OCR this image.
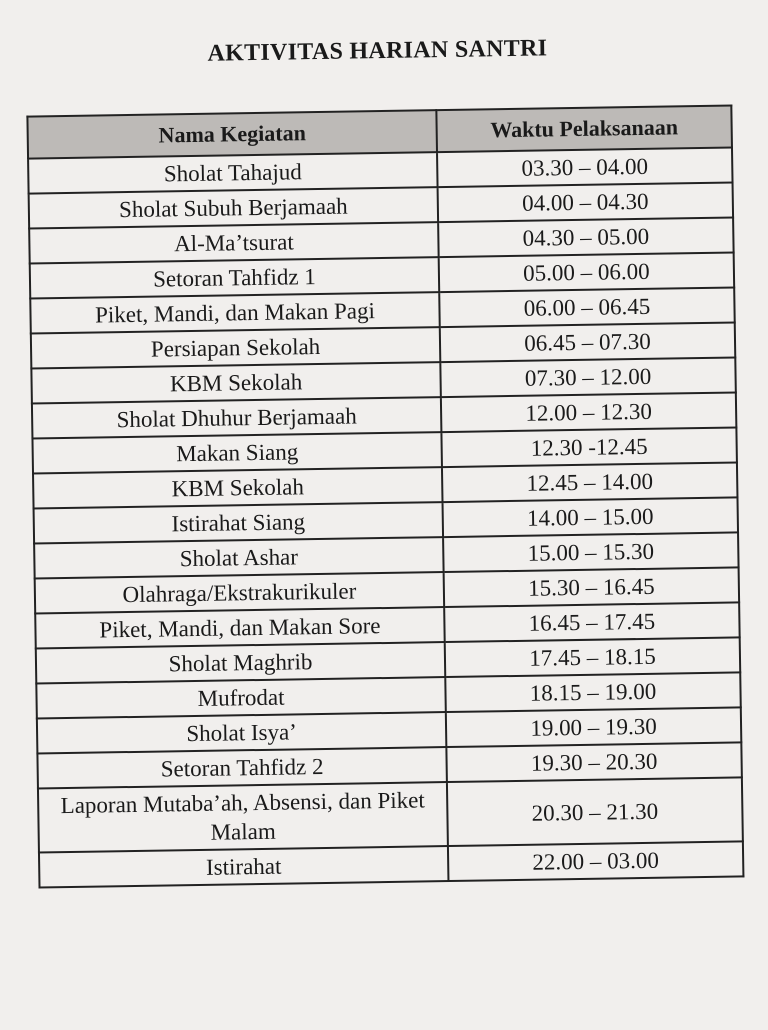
AKTIVITAS HARIAN SANTRI
Nama Kegiatan	Waktu Pelaksanaan
Sholat Tahajud	03.30 – 04.00
Sholat Subuh Berjamaah	04.00 – 04.30
Al-Ma’tsurat	04.30 – 05.00
Setoran Tahfidz 1	05.00 – 06.00
Piket, Mandi, dan Makan Pagi	06.00 – 06.45
Persiapan Sekolah	06.45 – 07.30
KBM Sekolah	07.30 – 12.00
Sholat Dhuhur Berjamaah	12.00 – 12.30
Makan Siang	12.30 -12.45
KBM Sekolah	12.45 – 14.00
Istirahat Siang	14.00 – 15.00
Sholat Ashar	15.00 – 15.30
Olahraga/Ekstrakurikuler	15.30 – 16.45
Piket, Mandi, dan Makan Sore	16.45 – 17.45
Sholat Maghrib	17.45 – 18.15
Mufrodat	18.15 – 19.00
Sholat Isya’	19.00 – 19.30
Setoran Tahfidz 2	19.30 – 20.30
Laporan Mutaba’ah, Absensi, dan Piket Malam	20.30 – 21.30
Istirahat	22.00 – 03.00
